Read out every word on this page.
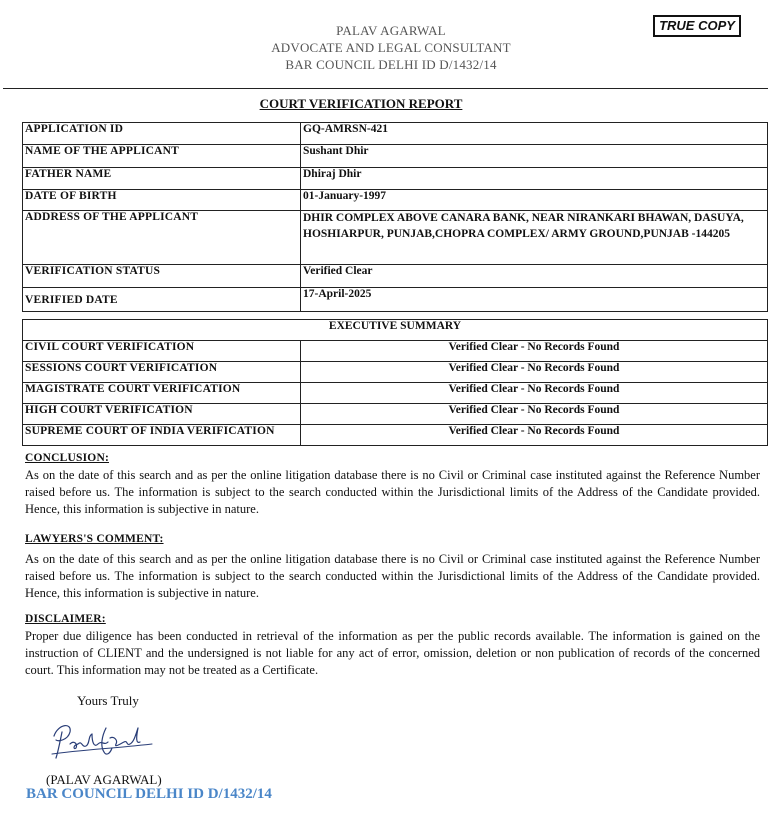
TRUE COPY
PALAV AGARWAL
ADVOCATE AND LEGAL CONSULTANT
BAR COUNCIL DELHI ID D/1432/14
COURT VERIFICATION REPORT
APPLICATION ID	GQ-AMRSN-421
NAME OF THE APPLICANT	Sushant Dhir
FATHER NAME	Dhiraj Dhir
DATE OF BIRTH	01-January-1997
ADDRESS OF THE APPLICANT	DHIR COMPLEX ABOVE CANARA BANK, NEAR NIRANKARI BHAWAN, DASUYA, HOSHIARPUR, PUNJAB,CHOPRA COMPLEX/ ARMY GROUND,PUNJAB -144205
VERIFICATION STATUS	Verified Clear
VERIFIED DATE	17-April-2025
EXECUTIVE SUMMARY	
CIVIL COURT VERIFICATION	Verified Clear - No Records Found
SESSIONS COURT VERIFICATION	Verified Clear - No Records Found
MAGISTRATE COURT VERIFICATION	Verified Clear - No Records Found
HIGH COURT VERIFICATION	Verified Clear - No Records Found
SUPREME COURT OF INDIA VERIFICATION	Verified Clear - No Records Found
CONCLUSION:
As on the date of this search and as per the online litigation database there is no Civil or Criminal case instituted against the Reference Number raised before us. The information is subject to the search conducted within the Jurisdictional limits of the Address of the Candidate provided. Hence, this information is subjective in nature.
LAWYERS'S COMMENT:
As on the date of this search and as per the online litigation database there is no Civil or Criminal case instituted against the Reference Number raised before us. The information is subject to the search conducted within the Jurisdictional limits of the Address of the Candidate provided. Hence, this information is subjective in nature.
DISCLAIMER:
Proper due diligence has been conducted in retrieval of the information as per the public records available. The information is gained on the instruction of CLIENT and the undersigned is not liable for any act of error, omission, deletion or non publication of records of the concerned court. This information may not be treated as a Certificate.
Yours Truly
(PALAV AGARWAL)
BAR COUNCIL DELHI ID D/1432/14
